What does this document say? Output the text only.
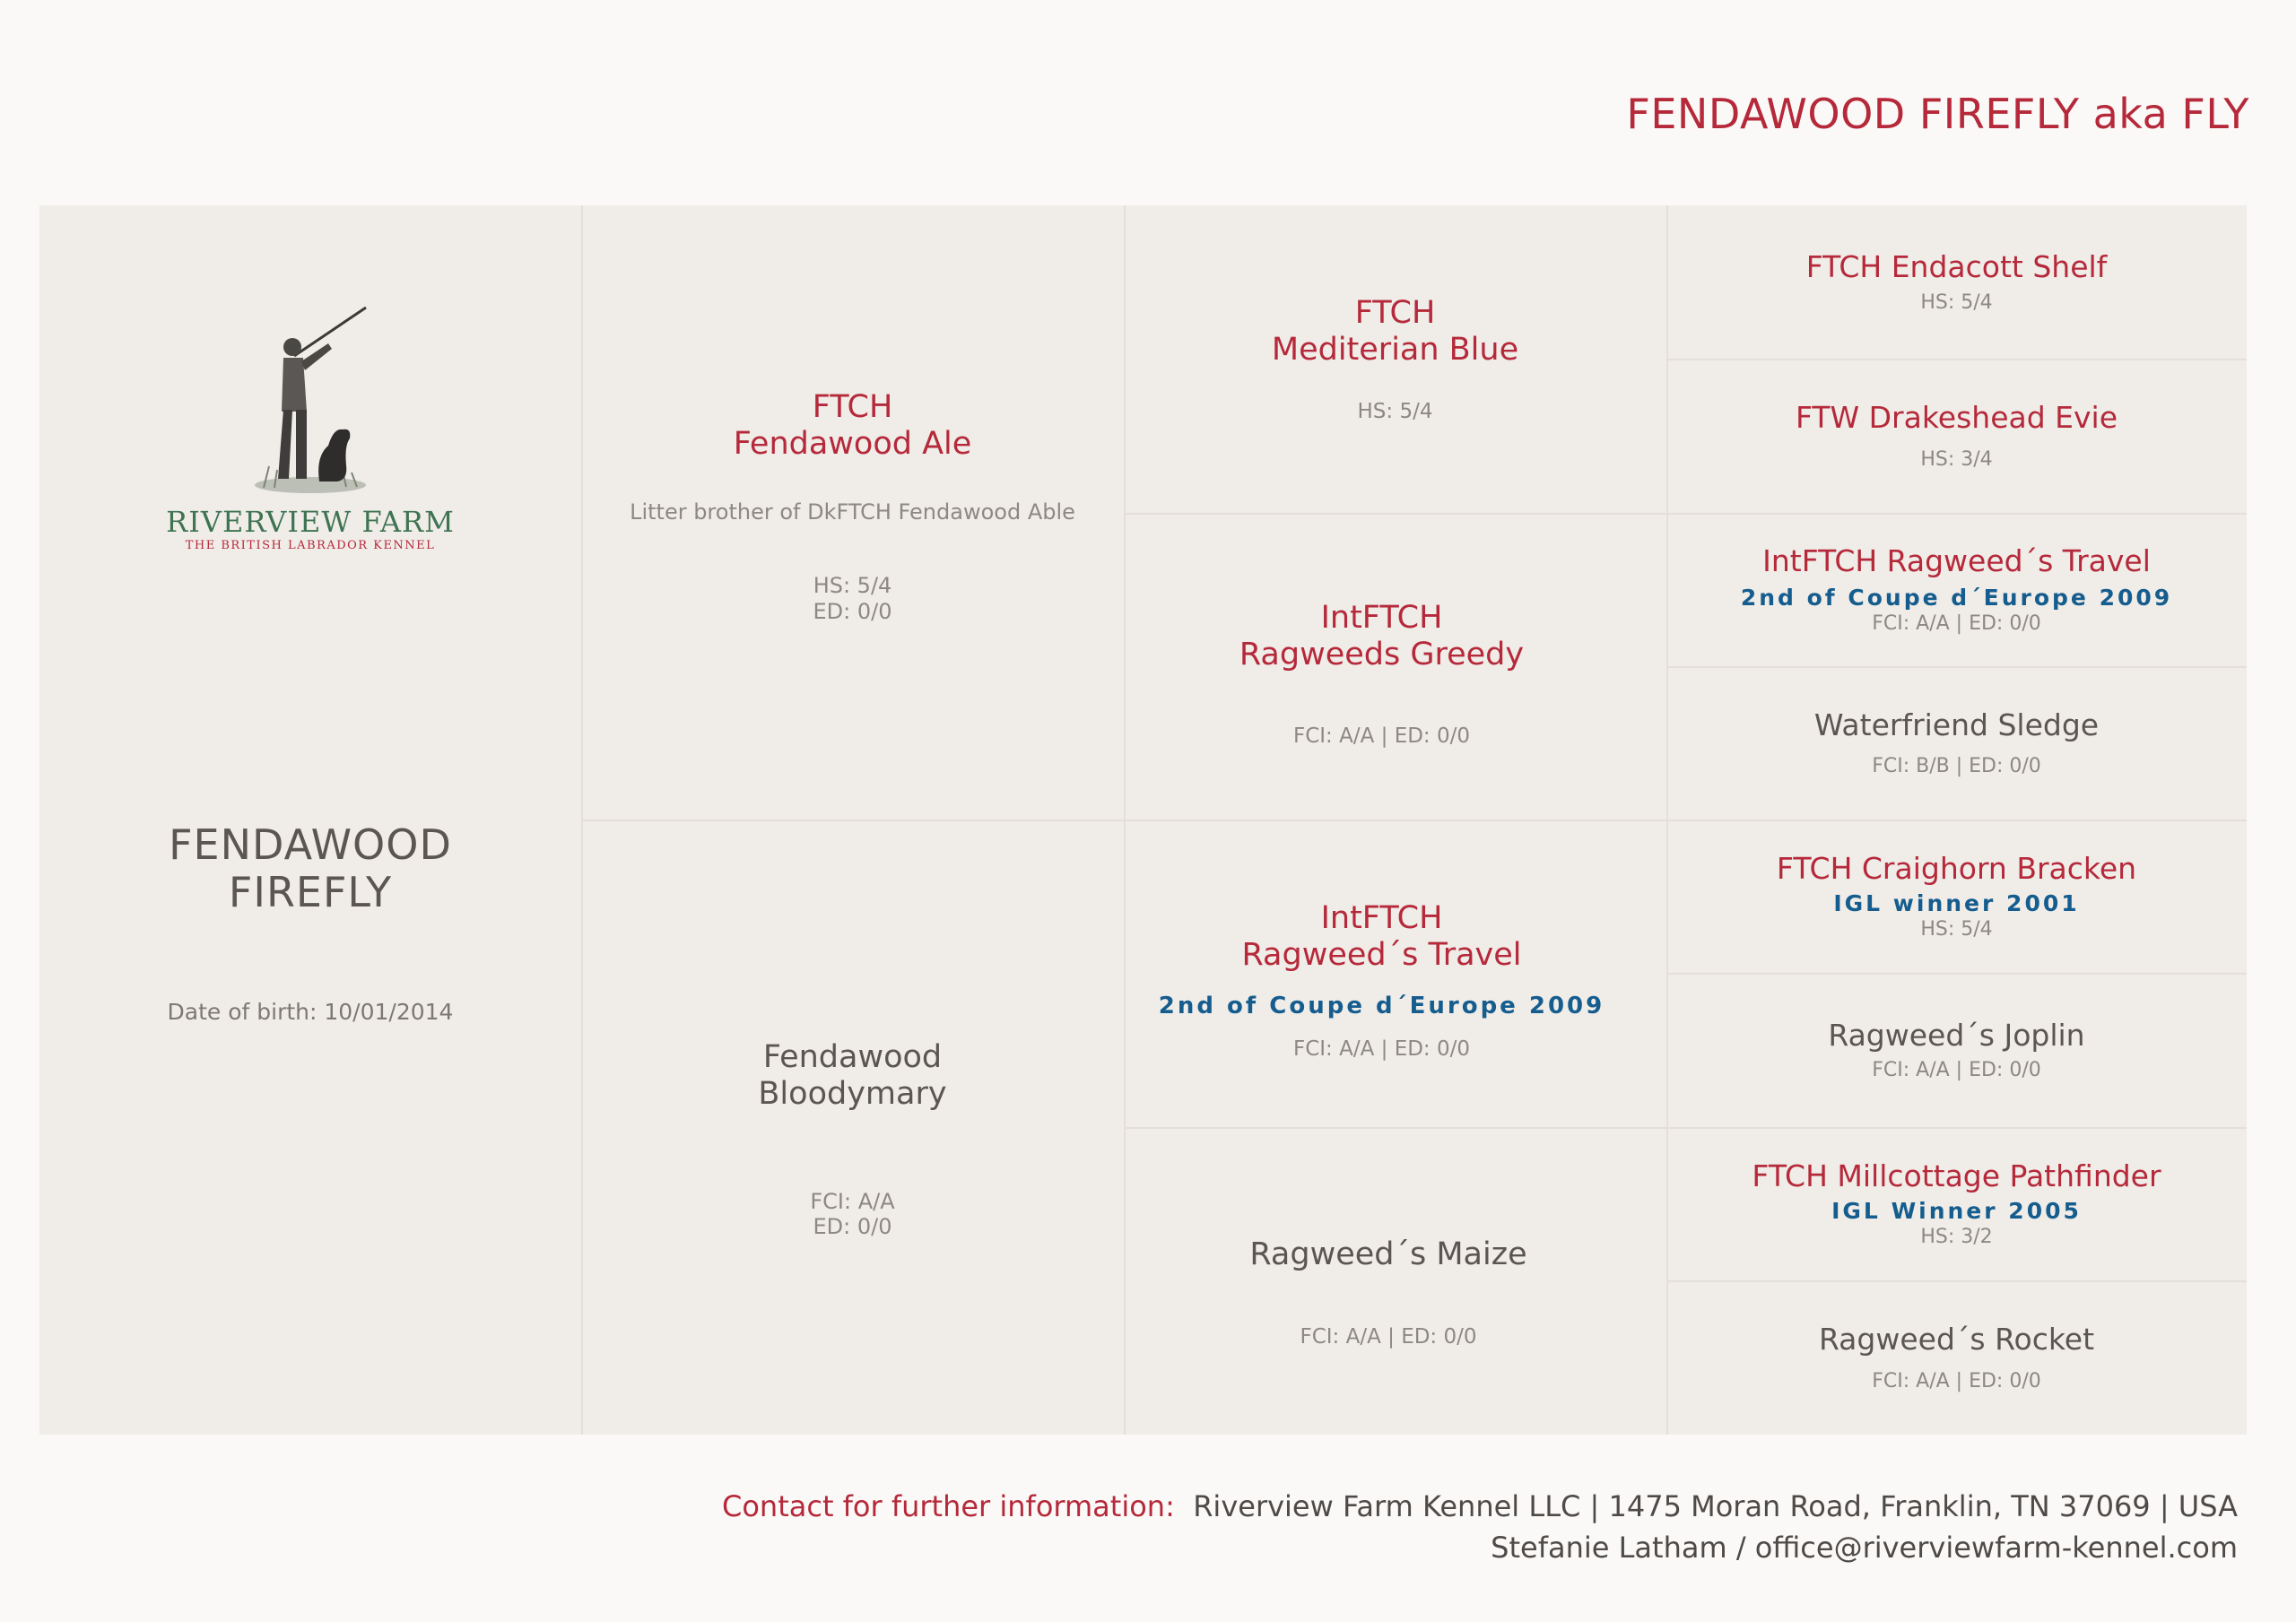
FENDAWOOD FIREFLY aka FLY
RIVERVIEW FARM
THE BRITISH LABRADOR KENNEL
FENDAWOOD
FIREFLY
Date of birth: 10/01/2014
FTCH
Fendawood Ale
Litter brother of DkFTCH Fendawood Able
HS: 5/4
ED: 0/0
Fendawood
Bloodymary
FCI: A/A
ED: 0/0
FTCH
Mediterian Blue
HS: 5/4
IntFTCH
Ragweeds Greedy
FCI: A/A | ED: 0/0
IntFTCH
Ragweed´s Travel
2nd of Coupe d´Europe 2009
FCI: A/A | ED: 0/0
Ragweed´s Maize
FCI: A/A | ED: 0/0
FTCH Endacott Shelf
HS: 5/4
FTW Drakeshead Evie
HS: 3/4
IntFTCH Ragweed´s Travel
2nd of Coupe d´Europe 2009
FCI: A/A | ED: 0/0
Waterfriend Sledge
FCI: B/B | ED: 0/0
FTCH Craighorn Bracken
IGL winner 2001
HS: 5/4
Ragweed´s Joplin
FCI: A/A | ED: 0/0
FTCH Millcottage Pathfinder
IGL Winner 2005
HS: 3/2
Ragweed´s Rocket
FCI: A/A | ED: 0/0
Contact for further information: Riverview Farm Kennel LLC | 1475 Moran Road, Franklin, TN 37069 | USA
Stefanie Latham / office@riverviewfarm-kennel.com
